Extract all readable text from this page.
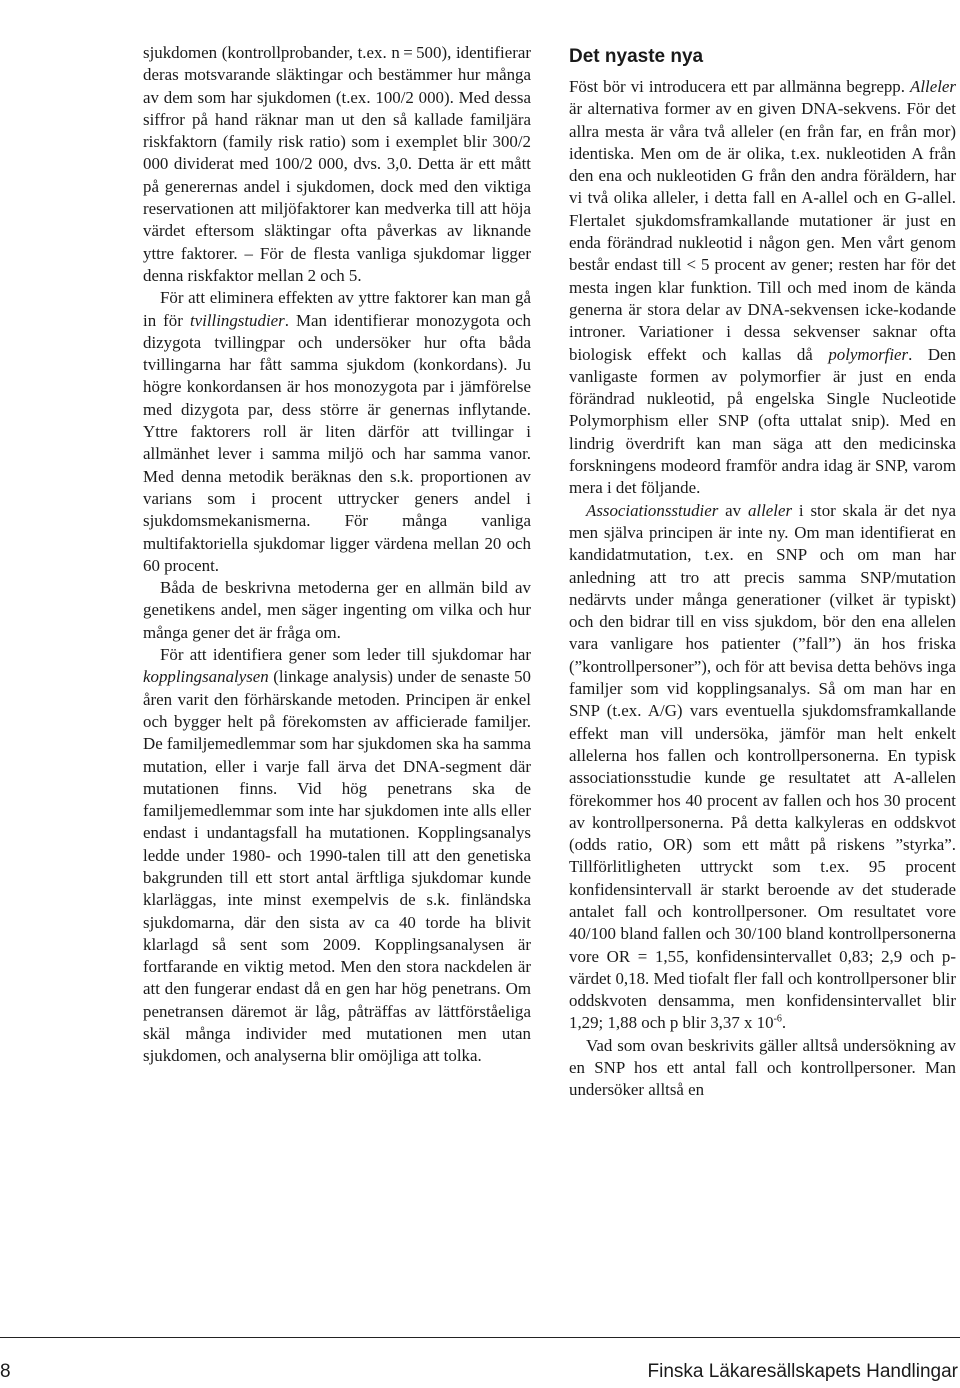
sjukdomen (kontrollprobander, t.ex. n = 500), identifierar deras motsvarande släktingar och bestämmer hur många av dem som har sjukdomen (t.ex. 100/2 000). Med dessa siffror på hand räknar man ut den så kallade familjära riskfaktorn (family risk ratio) som i exemplet blir 300/2 000 dividerat med 100/2 000, dvs. 3,0. Detta är ett mått på generernas andel i sjukdomen, dock med den viktiga reservationen att miljöfaktorer kan medverka till att höja värdet eftersom släktingar ofta påverkas av liknande yttre faktorer. – För de flesta vanliga sjukdomar ligger denna riskfaktor mellan 2 och 5.

För att eliminera effekten av yttre faktorer kan man gå in för tvillingstudier. Man identifierar monozygota och dizygota tvillingpar och undersöker hur ofta båda tvillingarna har fått samma sjukdom (konkordans). Ju högre konkordansen är hos monozygota par i jämförelse med dizygota par, dess större är genernas inflytande. Yttre faktorers roll är liten därför att tvillingar i allmänhet lever i samma miljö och har samma vanor. Med denna metodik beräknas den s.k. proportionen av varians som i procent uttrycker geners andel i sjukdomsmekanismerna. För många vanliga multifaktoriella sjukdomar ligger värdena mellan 20 och 60 procent.

Båda de beskrivna metoderna ger en allmän bild av genetikens andel, men säger ingenting om vilka och hur många gener det är fråga om.

För att identifiera gener som leder till sjukdomar har kopplingsanalysen (linkage analysis) under de senaste 50 åren varit den förhärskande metoden. Principen är enkel och bygger helt på förekomsten av afficierade familjer. De familjemedlemmar som har sjukdomen ska ha samma mutation, eller i varje fall ärva det DNA-segment där mutationen finns. Vid hög penetrans ska de familjemedlemmar som inte har sjukdomen inte alls eller endast i undantagsfall ha mutationen. Kopplingsanalys ledde under 1980- och 1990-talen till att den genetiska bakgrunden till ett stort antal ärftliga sjukdomar kunde klarläggas, inte minst exempelvis de s.k. finländska sjukdomarna, där den sista av ca 40 torde ha blivit klarlagd så sent som 2009. Kopplingsanalysen är fortfarande en viktig metod. Men den stora nackdelen är att den fungerar endast då en gen har hög penetrans. Om penetransen däremot är låg, påträffas av lättförståeliga skäl många individer med mutationen men utan sjukdomen, och analyserna blir omöjliga att tolka.

Det nyaste nya

Föst bör vi introducera ett par allmänna begrepp. Alleler är alternativa former av en given DNA-sekvens. För det allra mesta är våra två alleler (en från far, en från mor) identiska. Men om de är olika, t.ex. nukleotiden A från den ena och nukleotiden G från den andra föräldern, har vi två olika alleler, i detta fall en A-allel och en G-allel. Flertalet sjukdomsframkallande mutationer är just en enda förändrad nukleotid i någon gen. Men vårt genom består endast till < 5 procent av gener; resten har för det mesta ingen klar funktion. Till och med inom de kända generna är stora delar av DNA-sekvensen icke-kodande introner. Variationer i dessa sekvenser saknar ofta biologisk effekt och kallas då polymorfier. Den vanligaste formen av polymorfier är just en enda förändrad nukleotid, på engelska Single Nucleotide Polymorphism eller SNP (ofta uttalat snip). Med en lindrig överdrift kan man säga att den medicinska forskningens modeord framför andra idag är SNP, varom mera i det följande.

Associationsstudier av alleler i stor skala är det nya men själva principen är inte ny. Om man identifierat en kandidatmutation, t.ex. en SNP och om man har anledning att tro att precis samma SNP/mutation nedärvts under många generationer (vilket är typiskt) och den bidrar till en viss sjukdom, bör den ena allelen vara vanligare hos patienter (”fall”) än hos friska (”kontrollpersoner”), och för att bevisa detta behövs inga familjer som vid kopplingsanalys. Så om man har en SNP (t.ex. A/G) vars eventuella sjukdomsframkallande effekt man vill undersöka, jämför man helt enkelt allelerna hos fallen och kontrollpersonerna. En typisk associationsstudie kunde ge resultatet att A-allelen förekommer hos 40 procent av fallen och hos 30 procent av kontrollpersonerna. På detta kalkyleras en oddskvot (odds ratio, OR) som ett mått på riskens ”styrka”. Tillförlitligheten uttryckt som t.ex. 95 procent konfidensintervall är starkt beroende av det studerade antalet fall och kontrollpersoner. Om resultatet vore 40/100 bland fallen och 30/100 bland kontrollpersonerna vore OR = 1,55, konfidensintervallet 0,83; 2,9 och p-värdet 0,18. Med tiofalt fler fall och kontrollpersoner blir oddskvoten densamma, men konfidensintervallet blir 1,29; 1,88 och p blir 3,37 x $10^{-6}$.

Vad som ovan beskrivits gäller alltså undersökning av en SNP hos ett antal fall och kontrollpersoner. Man undersöker alltså en

8	Finska Läkaresällskapets Handlingar
